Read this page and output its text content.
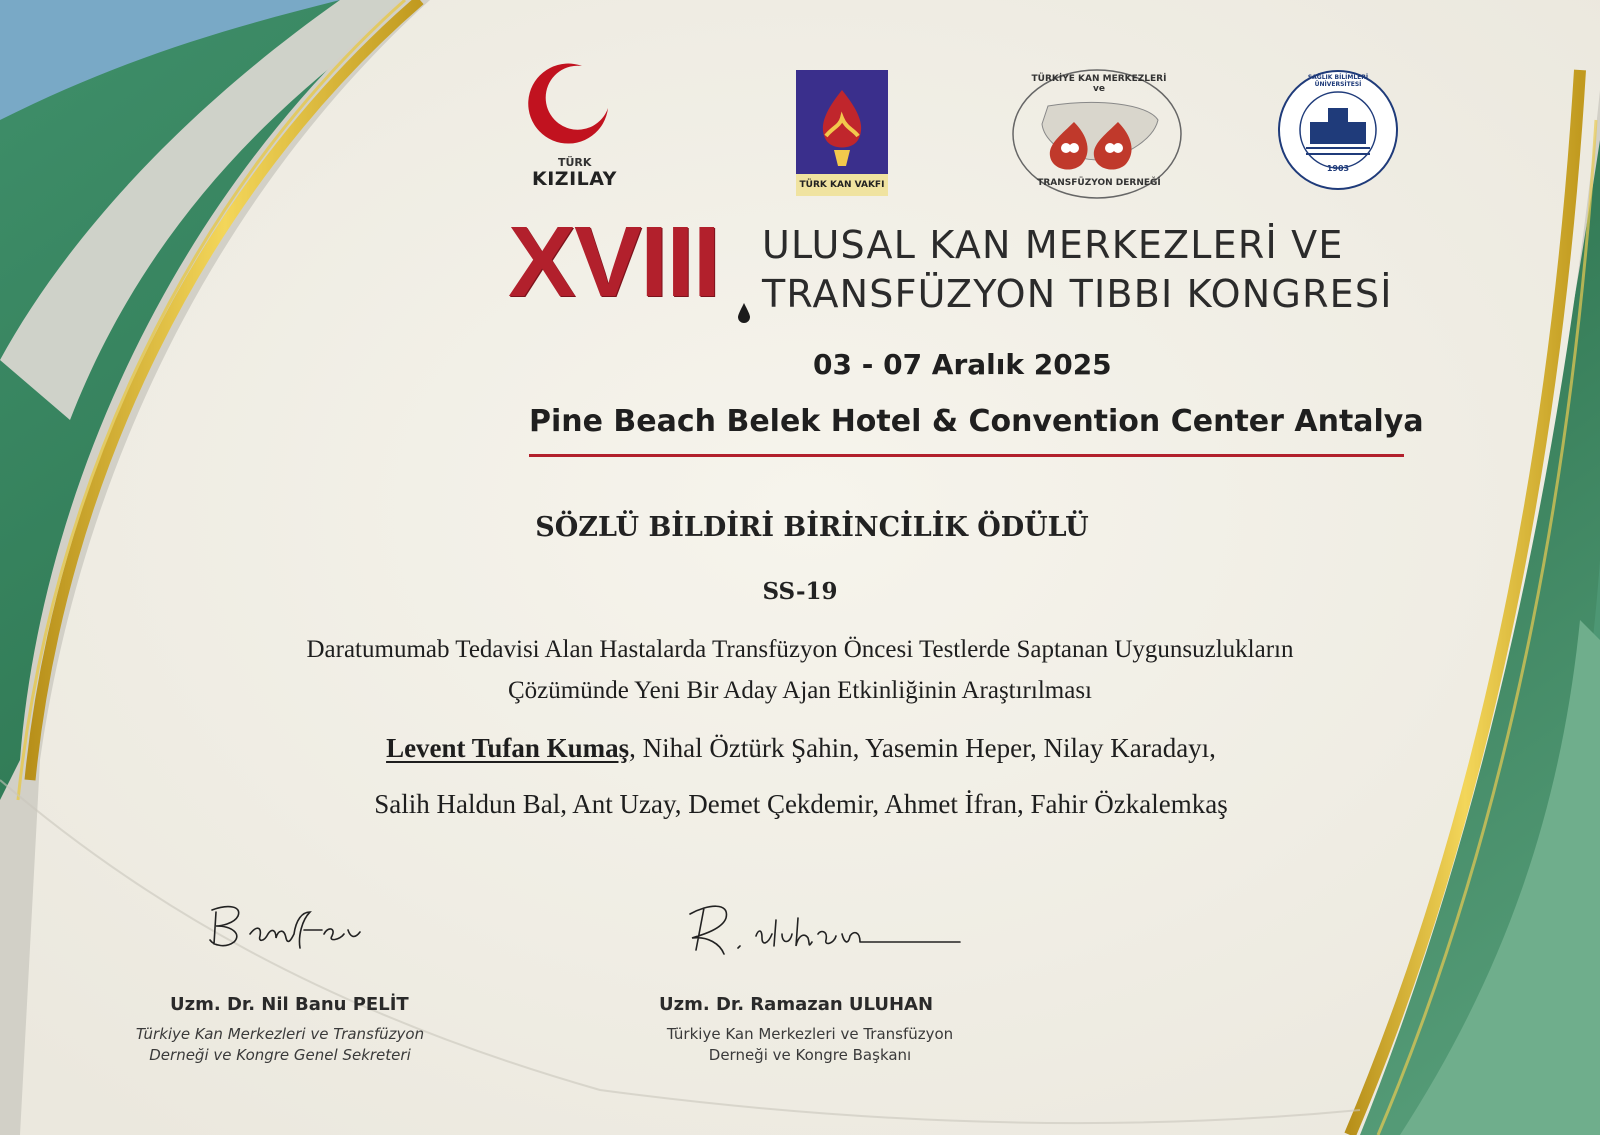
TÜRK
KIZILAY	TÜRK KAN VAKFI
TÜRKİYE KAN MERKEZLERİ ve
TRANSFÜZYON DERNEĞİ
SAĞLIK BİLİMLERİ ÜNİVERSİTESİ
1903
XVIII ULUSAL KAN MERKEZLERİ VE
TRANSFÜZYON TIBBI KONGRESİ
03 - 07 Aralık 2025
Pine Beach Belek Hotel & Convention Center Antalya
SÖZLÜ BİLDİRİ BİRİNCİLİK ÖDÜLÜ
SS-19
Daratumumab Tedavisi Alan Hastalarda Transfüzyon Öncesi Testlerde Saptanan Uygunsuzlukların
Çözümünde Yeni Bir Aday Ajan Etkinliğinin Araştırılması
Levent Tufan Kumaş, Nihal Öztürk Şahin, Yasemin Heper, Nilay Karadayı,
Salih Haldun Bal, Ant Uzay, Demet Çekdemir, Ahmet İfran, Fahir Özkalemkaş
Uzm. Dr. Nil Banu PELİT
Türkiye Kan Merkezleri ve Transfüzyon
Derneği ve Kongre Genel Sekreteri
Uzm. Dr. Ramazan ULUHAN
Türkiye Kan Merkezleri ve Transfüzyon
Derneği ve Kongre Başkanı
